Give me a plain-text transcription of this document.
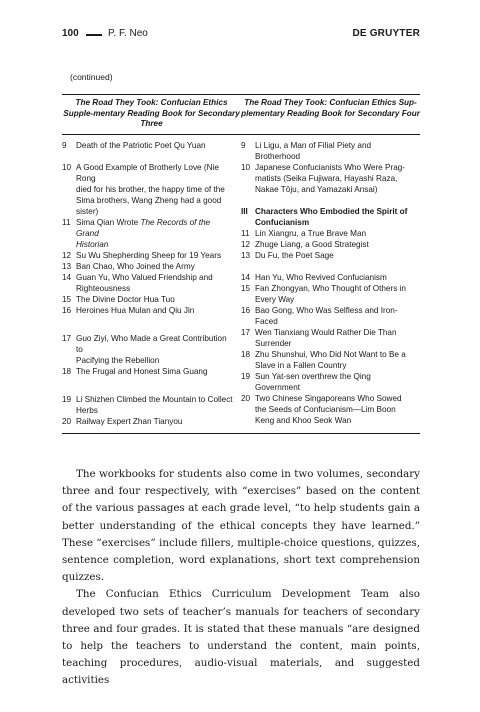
100	P. F. Neo	DE GRUYTER
(continued)
The Road They Took: Confucian Ethics Supple-mentary Reading Book for Secondary Three
The Road They Took: Confucian Ethics Sup-plementary Reading Book for Secondary Four
9	Death of the Patriotic Poet Qu Yuan
10 A Good Example of Brotherly Love (Nie Rong
died for his brother, the happy time of the
Sima brothers, Wang Zheng had a good
sister)
11 Sima Qian Wrote The Records of the Grand
Historian
12 Su Wu Shepherding Sheep for 19 Years
13 Ban Chao, Who Joined the Army
14 Guan Yu, Who Valued Friendship and
Righteousness
15 The Divine Doctor Hua Tuo
16 Heroines Hua Mulan and Qiu Jin
17 Guo Ziyi, Who Made a Great Contribution to
Pacifying the Rebellion
18 The Frugal and Honest Sima Guang
19 Li Shizhen Climbed the Mountain to Collect
Herbs
20 Railway Expert Zhan Tianyou
9	Li Ligu, a Man of Filial Piety and
Brotherhood
10 Japanese Confucianists Who Were Prag-
matists (Seika Fujiwara, Hayashi Raza,
Nakae Tōju, and Yamazaki Ansai)
III Characters Who Embodied the Spirit of
Confucianism
11 Lin Xiangru, a True Brave Man
12 Zhuge Liang, a Good Strategist
13 Du Fu, the Poet Sage
14 Han Yu, Who Revived Confucianism
15 Fan Zhongyan, Who Thought of Others in
Every Way
16 Bao Gong, Who Was Selfless and Iron-
Faced
17 Wen Tianxiang Would Rather Die Than
Surrender
18 Zhu Shunshui, Who Did Not Want to Be a
Slave in a Fallen Country
19 Sun Yat-sen overthrew the Qing
Government
20 Two Chinese Singaporeans Who Sowed
the Seeds of Confucianism—Lim Boon
Keng and Khoo Seok Wan

The workbooks for students also come in two volumes, secondary three and four respectively, with “exercises” based on the content of the various passages at each grade level, “to help students gain a better understanding of the ethical concepts they have learned.” These “exercises” include fillers, multiple-choice questions, quizzes, sentence completion, word explanations, short text comprehension quizzes.

The Confucian Ethics Curriculum Development Team also developed two sets of teacher’s manuals for teachers of secondary three and four grades. It is stated that these manuals “are designed to help the teachers to understand the content, main points, teaching procedures, audio-visual materials, and suggested activities
